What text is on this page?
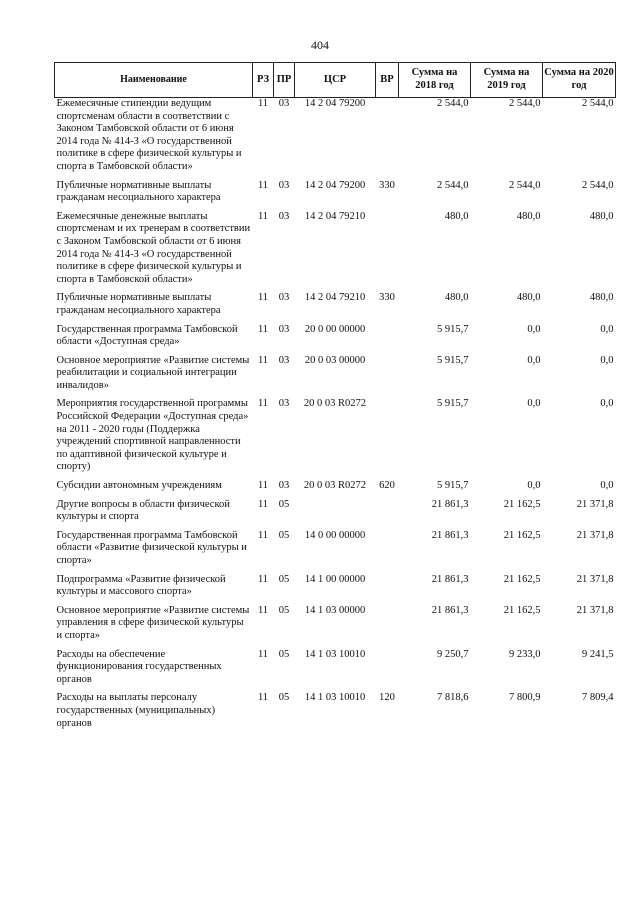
404
Наименование	РЗ	ПР	ЦСР	ВР	Сумма на 2018 год	Сумма на 2019 год	Сумма на 2020 год
Ежемесячные стипендии ведущим спортсменам области в соответствии с Законом Тамбовской области от 6 июня 2014 года № 414-З «О государственной политике в сфере физической культуры и спорта в Тамбовской области»	11	03	14 2 04 79200		2 544,0	2 544,0	2 544,0
Публичные нормативные выплаты гражданам несоциального характера	11	03	14 2 04 79200	330	2 544,0	2 544,0	2 544,0
Ежемесячные денежные выплаты спортсменам и их тренерам в соответствии с Законом Тамбовской области от 6 июня 2014 года № 414-З «О государственной политике в сфере физической культуры и спорта в Тамбовской области»	11	03	14 2 04 79210		480,0	480,0	480,0
Публичные нормативные выплаты гражданам несоциального характера	11	03	14 2 04 79210	330	480,0	480,0	480,0
Государственная программа Тамбовской области «Доступная среда»	11	03	20 0 00 00000		5 915,7	0,0	0,0
Основное мероприятие «Развитие системы реабилитации и социальной интеграции инвалидов»	11	03	20 0 03 00000		5 915,7	0,0	0,0
Мероприятия государственной программы Российской Федерации «Доступная среда» на 2011 - 2020 годы (Поддержка учреждений спортивной направленности по адаптивной физической культуре и спорту)	11	03	20 0 03 R0272		5 915,7	0,0	0,0
Субсидии автономным учреждениям	11	03	20 0 03 R0272	620	5 915,7	0,0	0,0
Другие вопросы в области физической культуры и спорта	11	05			21 861,3	21 162,5	21 371,8
Государственная программа Тамбовской области «Развитие физической культуры и спорта»	11	05	14 0 00 00000		21 861,3	21 162,5	21 371,8
Подпрограмма «Развитие физической культуры и массового спорта»	11	05	14 1 00 00000		21 861,3	21 162,5	21 371,8
Основное мероприятие «Развитие системы управления в сфере физической культуры и спорта»	11	05	14 1 03 00000		21 861,3	21 162,5	21 371,8
Расходы на обеспечение функционирования государственных органов	11	05	14 1 03 10010		9 250,7	9 233,0	9 241,5
Расходы на выплаты персоналу государственных (муниципальных) органов	11	05	14 1 03 10010	120	7 818,6	7 800,9	7 809,4
